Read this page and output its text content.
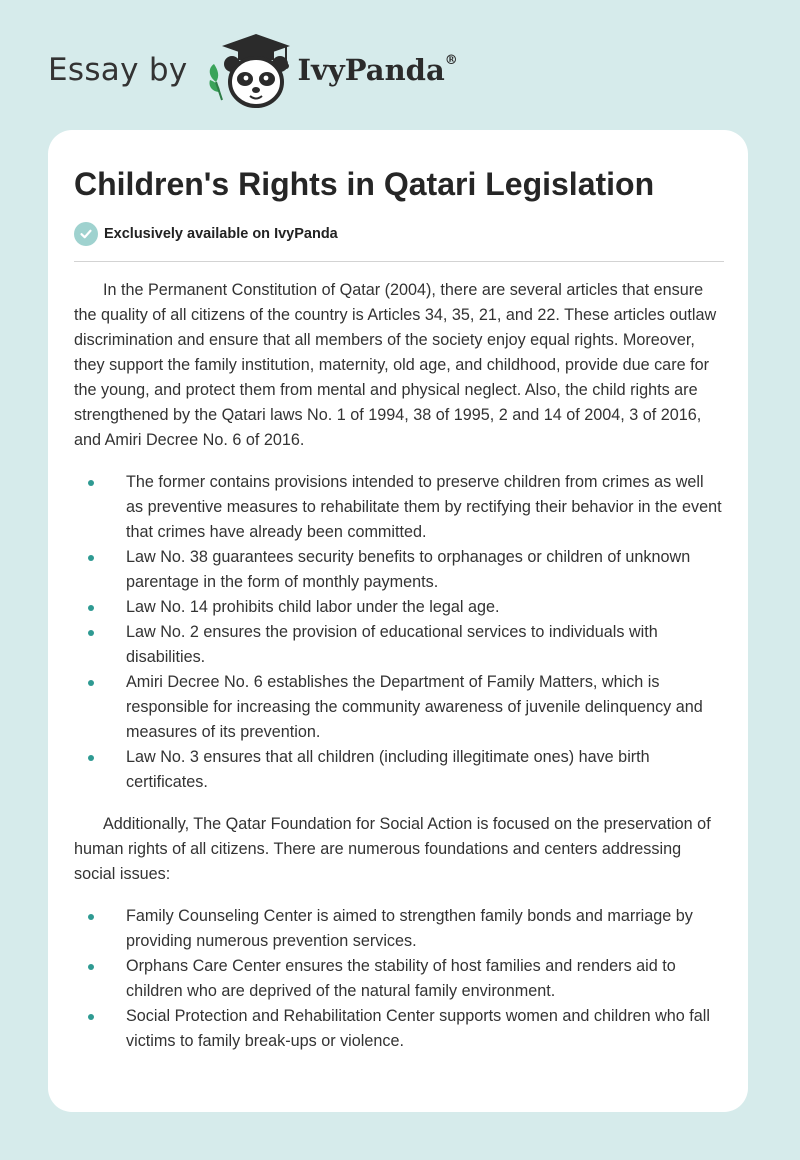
Essay by	IvyPanda®
Children's Rights in Qatari Legislation
Exclusively available on IvyPanda

In the Permanent Constitution of Qatar (2004), there are several articles that ensure the quality of all citizens of the country is Articles 34, 35, 21, and 22. These articles outlaw discrimination and ensure that all members of the society enjoy equal rights. Moreover, they support the family institution, maternity, old age, and childhood, provide due care for the young, and protect them from mental and physical neglect. Also, the child rights are strengthened by the Qatari laws No. 1 of 1994, 38 of 1995, 2 and 14 of 2004, 3 of 2016, and Amiri Decree No. 6 of 2016.

The former contains provisions intended to preserve children from crimes as well as preventive measures to rehabilitate them by rectifying their behavior in the event that crimes have already been committed.
Law No. 38 guarantees security benefits to orphanages or children of unknown parentage in the form of monthly payments.
Law No. 14 prohibits child labor under the legal age.
Law No. 2 ensures the provision of educational services to individuals with disabilities.
Amiri Decree No. 6 establishes the Department of Family Matters, which is responsible for increasing the community awareness of juvenile delinquency and measures of its prevention.
Law No. 3 ensures that all children (including illegitimate ones) have birth certificates.

Additionally, The Qatar Foundation for Social Action is focused on the preservation of human rights of all citizens. There are numerous foundations and centers addressing social issues:

Family Counseling Center is aimed to strengthen family bonds and marriage by providing numerous prevention services.
Orphans Care Center ensures the stability of host families and renders aid to children who are deprived of the natural family environment.
Social Protection and Rehabilitation Center supports women and children who fall victims to family break-ups or violence.
